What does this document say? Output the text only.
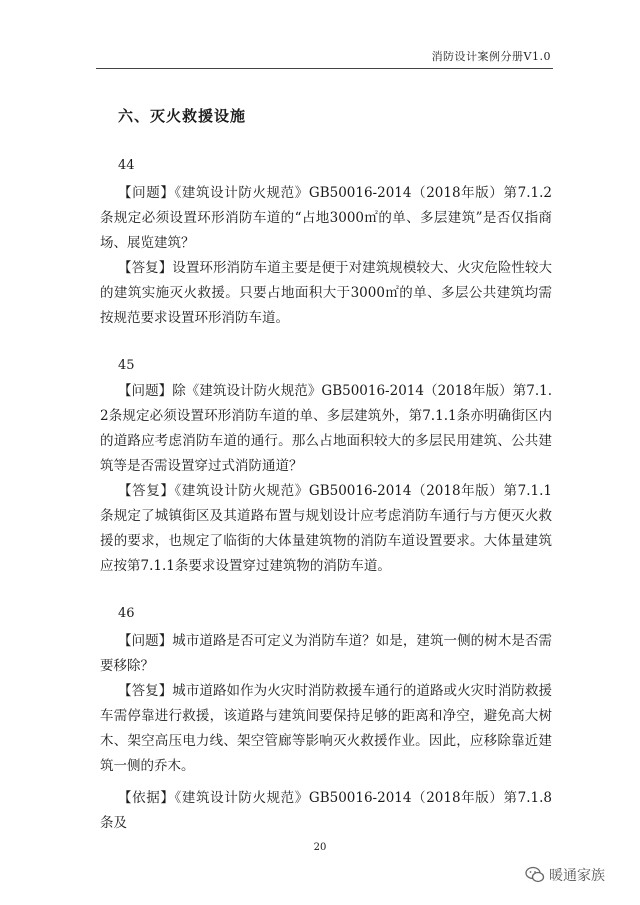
消防设计案例分册V1.0
六、灭火救援设施
44
【问题】《建筑设计防火规范》GB50016-2014（2018年版）第7.1.2条规定必须设置环形消防车道的“占地3000㎡的单、多层建筑”是否仅指商场、展览建筑？
【答复】设置环形消防车道主要是便于对建筑规模较大、火灾危险性较大的建筑实施灭火救援。只要占地面积大于3000㎡的单、多层公共建筑均需按规范要求设置环形消防车道。
45
【问题】除《建筑设计防火规范》GB50016-2014（2018年版）第7.1.2条规定必须设置环形消防车道的单、多层建筑外，第7.1.1条亦明确街区内的道路应考虑消防车道的通行。那么占地面积较大的多层民用建筑、公共建筑等是否需设置穿过式消防通道？
【答复】《建筑设计防火规范》GB50016-2014（2018年版）第7.1.1条规定了城镇街区及其道路布置与规划设计应考虑消防车通行与方便灭火救援的要求，也规定了临街的大体量建筑物的消防车道设置要求。大体量建筑应按第7.1.1条要求设置穿过建筑物的消防车道。
46
【问题】城市道路是否可定义为消防车道？如是，建筑一侧的树木是否需要移除？
【答复】城市道路如作为火灾时消防救援车通行的道路或火灾时消防救援车需停靠进行救援，该道路与建筑间要保持足够的距离和净空，避免高大树木、架空高压电力线、架空管廊等影响灭火救援作业。因此，应移除靠近建筑一侧的乔木。
【依据】《建筑设计防火规范》GB50016-2014（2018年版）第7.1.8条及
20
暖通家族
